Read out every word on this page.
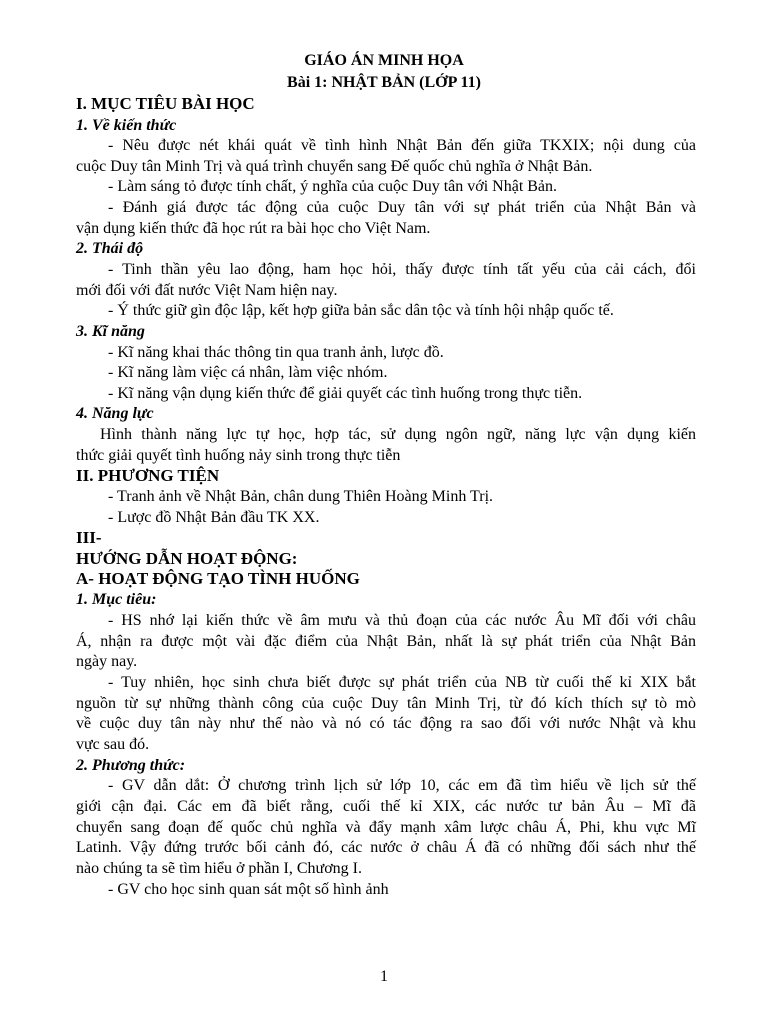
GIÁO ÁN MINH HỌA
Bài 1: NHẬT BẢN (LỚP 11)
I. MỤC TIÊU BÀI HỌC
1. Về kiến thức
- Nêu được nét khái quát về tình hình Nhật Bản đến giữa TKXIX; nội dung của
cuộc Duy tân Minh Trị và quá trình chuyển sang Đế quốc chủ nghĩa ở Nhật Bản.
- Làm sáng tỏ được tính chất, ý nghĩa của cuộc Duy tân với Nhật Bản.
- Đánh giá được tác động của cuộc Duy tân với sự phát triển của Nhật Bản và
vận dụng kiến thức đã học rút ra bài học cho Việt Nam.
2. Thái độ
- Tinh thần yêu lao động, ham học hỏi, thấy được tính tất yếu của cải cách, đổi
mới đối với đất nước Việt Nam hiện nay.
- Ý thức giữ gìn độc lập, kết hợp giữa bản sắc dân tộc và tính hội nhập quốc tế.
3. Kĩ năng
- Kĩ năng khai thác thông tin qua tranh ảnh, lược đồ.
- Kĩ năng làm việc cá nhân, làm việc nhóm.
- Kĩ năng vận dụng kiến thức để giải quyết các tình huống trong thực tiễn.
4. Năng lực
Hình thành năng lực tự học, hợp tác, sử dụng ngôn ngữ, năng lực vận dụng kiến
thức giải quyết tình huống nảy sinh trong thực tiễn
II. PHƯƠNG TIỆN
- Tranh ảnh về Nhật Bản, chân dung Thiên Hoàng Minh Trị.
- Lược đồ Nhật Bản đầu TK XX.
III-
HƯỚNG DẪN HOẠT ĐỘNG:
A- HOẠT ĐỘNG TẠO TÌNH HUỐNG
1. Mục tiêu:
- HS nhớ lại kiến thức về âm mưu và thủ đoạn của các nước Âu Mĩ đối với châu
Á, nhận ra được một vài đặc điểm của Nhật Bản, nhất là sự phát triển của Nhật Bản
ngày nay.
- Tuy nhiên, học sinh chưa biết được sự phát triển của NB từ cuối thế kỉ XIX bắt
nguồn từ sự những thành công của cuộc Duy tân Minh Trị, từ đó kích thích sự tò mò
về cuộc duy tân này như thế nào và nó có tác động ra sao đối với nước Nhật và khu
vực sau đó.
2. Phương thức:
- GV dẫn dắt: Ở chương trình lịch sử lớp 10, các em đã tìm hiểu về lịch sử thế
giới cận đại. Các em đã biết rằng, cuối thế kỉ XIX, các nước tư bản Âu – Mĩ đã
chuyển sang đoạn đế quốc chủ nghĩa và đẩy mạnh xâm lược châu Á, Phi, khu vực Mĩ
Latinh. Vậy đứng trước bối cảnh đó, các nước ở châu Á đã có những đối sách như thế
nào chúng ta sẽ tìm hiểu ở phần I, Chương I.
- GV cho học sinh quan sát một số hình ảnh
1
